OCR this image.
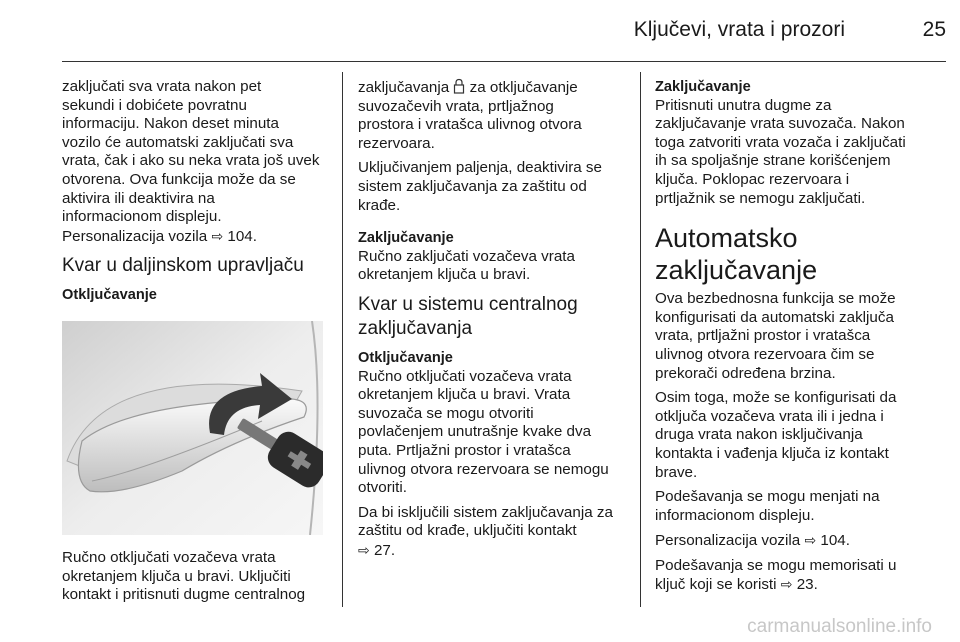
Ključevi, vrata i prozori	25

zaključati sva vrata nakon pet
sekundi i dobićete povratnu
informaciju. Nakon deset minuta
vozilo će automatski zaključati sva
vrata, čak i ako su neka vrata još uvek
otvorena. Ova funkcija može da se
aktivira ili deaktivira na
informacionom displeju.
Personalizacija vozila ⇨ 104.

Kvar u daljinskom upravljaču
Otključavanje

Ručno otključati vozačeva vrata
okretanjem ključa u bravi. Uključiti
kontakt i pritisnuti dugme centralnog

zaključavanja za otključavanje
suvozačevih vrata, prtljažnog
prostora i vratašca ulivnog otvora
rezervoara.

Uključivanjem paljenja, deaktivira se
sistem zaključavanja za zaštitu od
krađe.

Zaključavanje

Ručno zaključati vozačeva vrata
okretanjem ključa u bravi.

Kvar u sistemu centralnog
zaključavanja
Otključavanje

Ručno otključati vozačeva vrata
okretanjem ključa u bravi. Vrata
suvozača se mogu otvoriti
povlačenjem unutrašnje kvake dva
puta. Prtljažni prostor i vratašca
ulivnog otvora rezervoara se nemogu
otvoriti.

Da bi isključili sistem zaključavanja za
zaštitu od krađe, uključiti kontakt
⇨ 27.

Zaključavanje

Pritisnuti unutra dugme za
zaključavanje vrata suvozača. Nakon
toga zatvoriti vrata vozača i zaključati
ih sa spoljašnje strane korišćenjem
ključa. Poklopac rezervoara i
prtljažnik se nemogu zaključati.

Automatsko zaključavanje

Ova bezbednosna funkcija se može
konfigurisati da automatski zaključa
vrata, prtljažni prostor i vratašca
ulivnog otvora rezervoara čim se
prekorači određena brzina.

Osim toga, može se konfigurisati da
otključa vozačeva vrata ili i jedna i
druga vrata nakon isključivanja
kontakta i vađenja ključa iz kontakt
brave.

Podešavanja se mogu menjati na
informacionom displeju.

Personalizacija vozila ⇨ 104.

Podešavanja se mogu memorisati u
ključ koji se koristi ⇨ 23.

carmanualsonline.info
